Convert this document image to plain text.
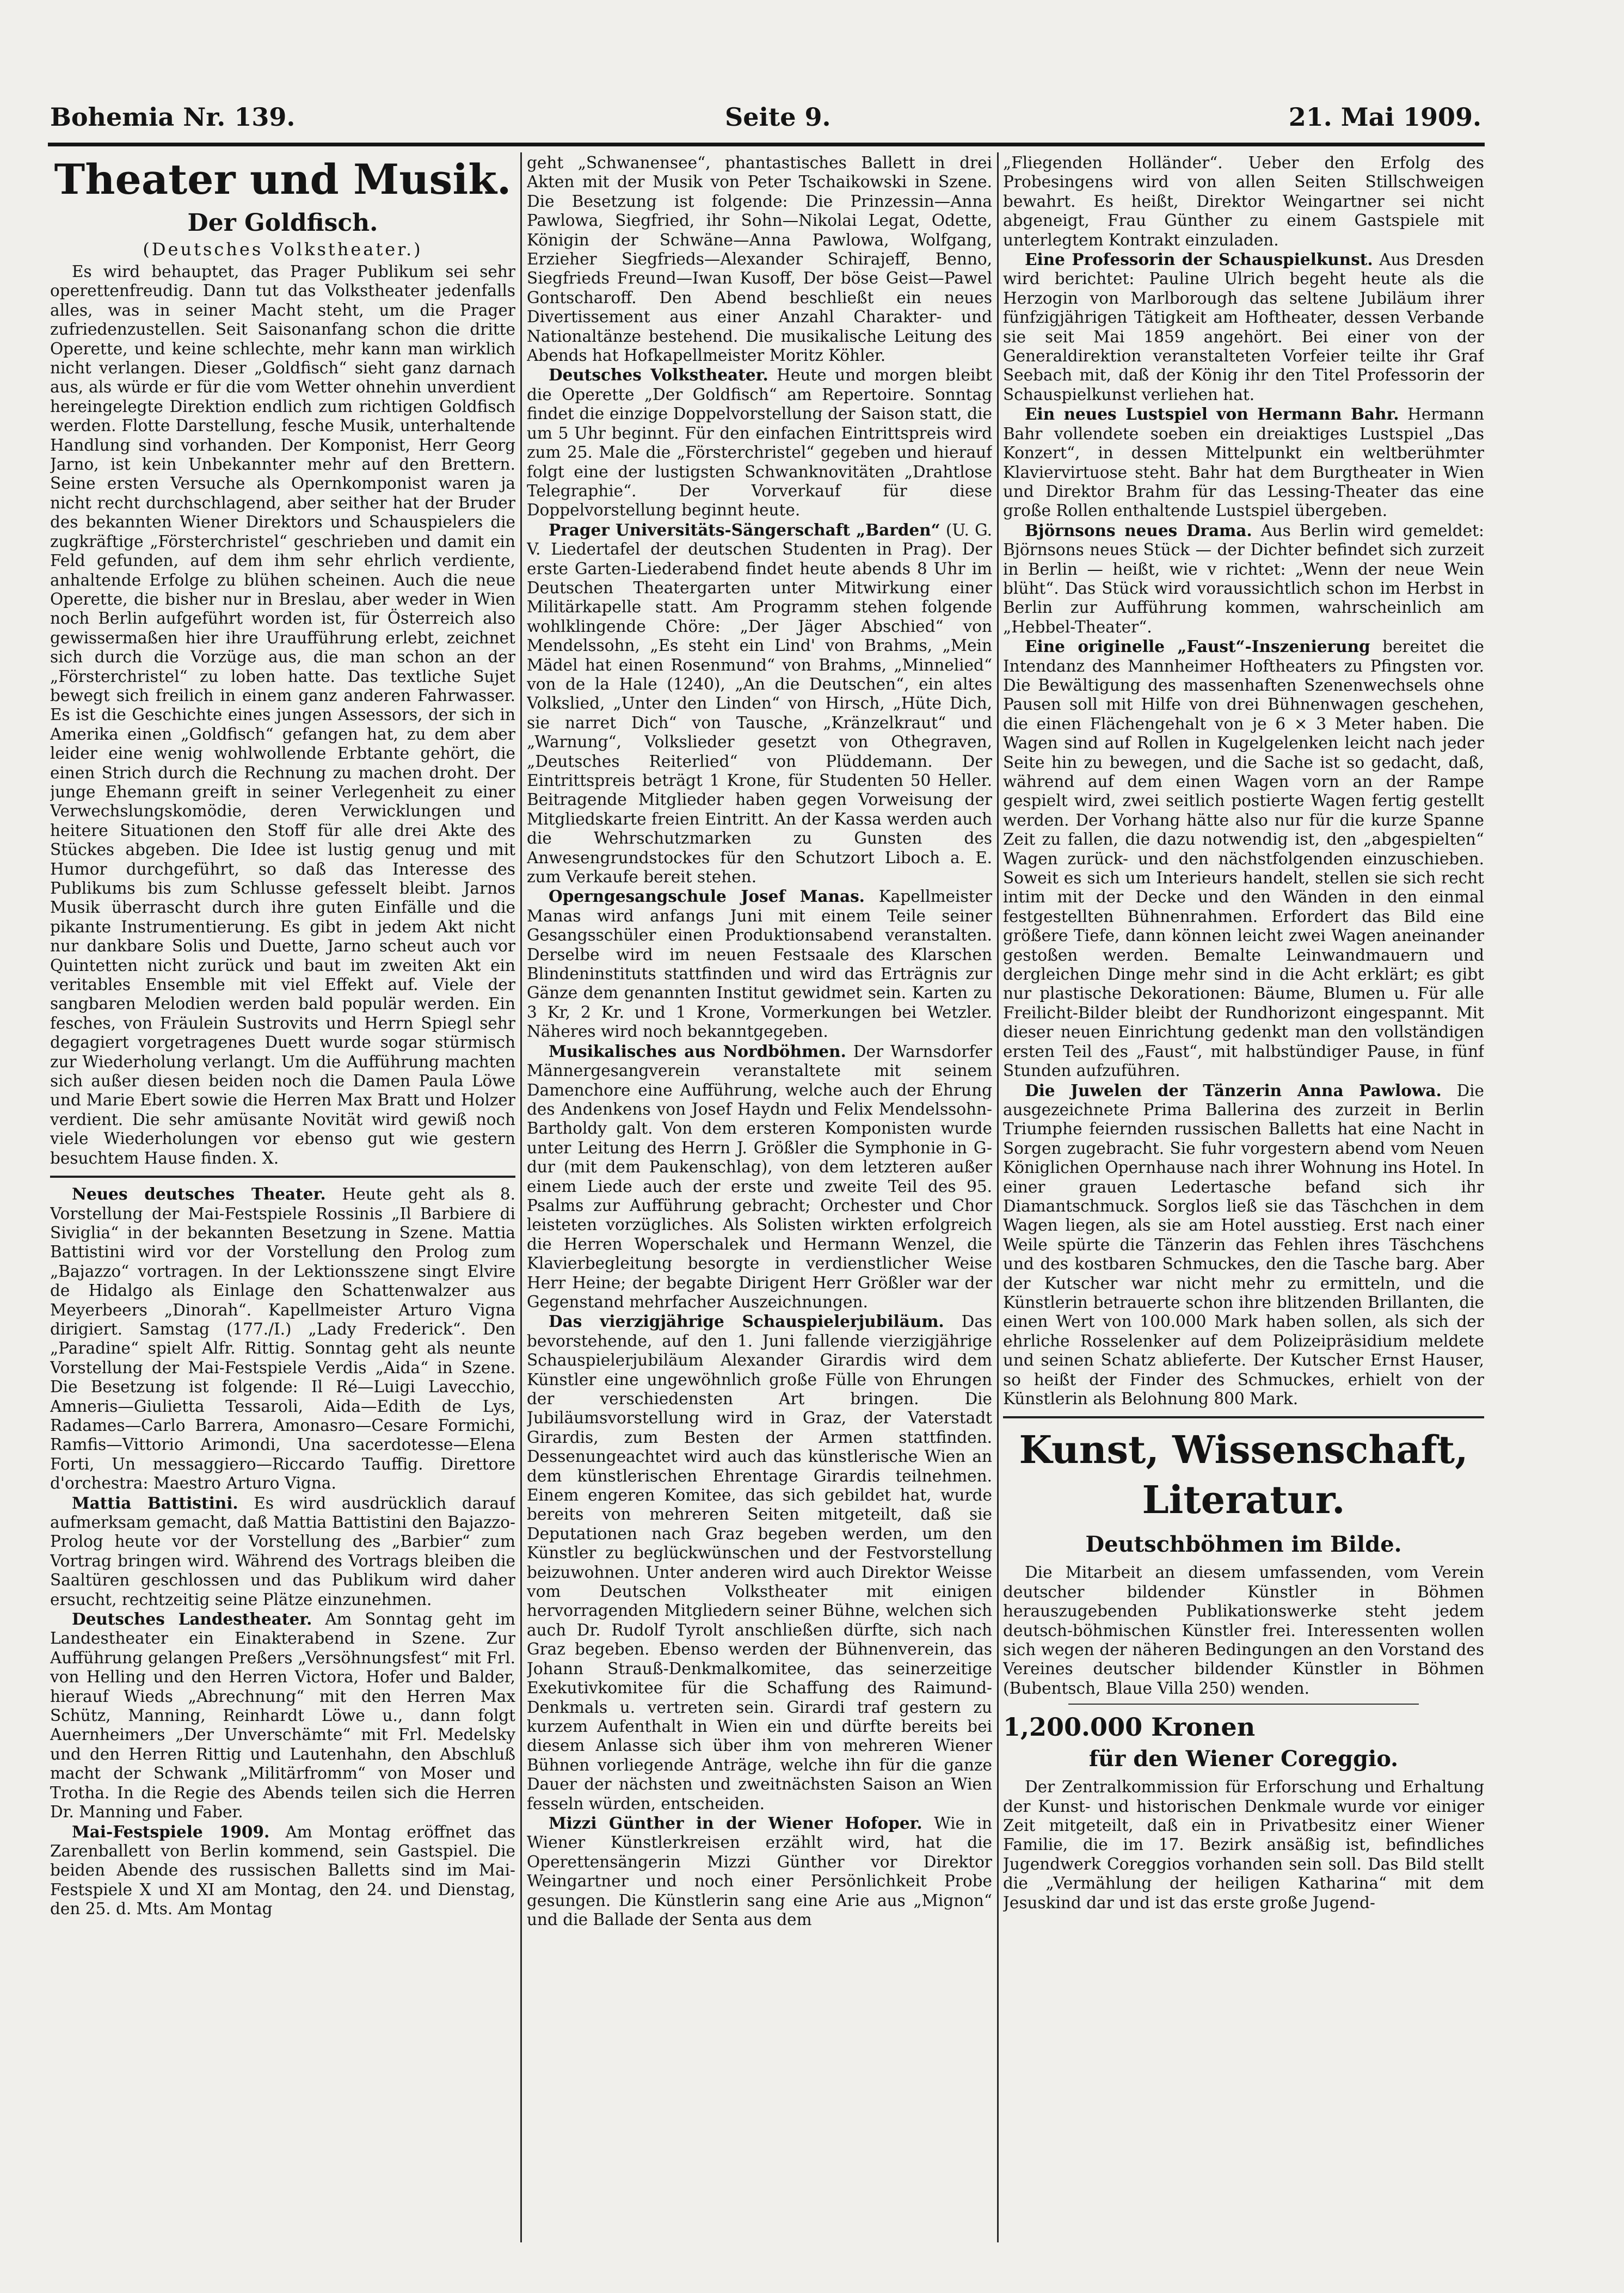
Bohemia Nr. 139.	Seite 9.	21. Mai 1909.
Theater und Musik.
Der Goldfisch.
(Deutsches Volkstheater.)

Es wird behauptet, das Prager Publikum sei sehr operettenfreudig. Dann tut das Volkstheater jedenfalls alles, was in seiner Macht steht, um die Prager zufriedenzustellen. Seit Saisonanfang schon die dritte Operette, und keine schlechte, mehr kann man wirklich nicht verlangen. Dieser „Goldfisch“ sieht ganz darnach aus, als würde er für die vom Wetter ohnehin unverdient hereingelegte Direktion endlich zum richtigen Goldfisch werden. Flotte Darstellung, fesche Musik, unterhaltende Handlung sind vorhanden. Der Komponist, Herr Georg Jarno, ist kein Unbekannter mehr auf den Brettern. Seine ersten Versuche als Opernkomponist waren ja nicht recht durchschlagend, aber seither hat der Bruder des bekannten Wiener Direktors und Schauspielers die zugkräftige „Försterchristel“ geschrieben und damit ein Feld gefunden, auf dem ihm sehr ehrlich verdiente, anhaltende Erfolge zu blühen scheinen. Auch die neue Operette, die bisher nur in Breslau, aber weder in Wien noch Berlin aufgeführt worden ist, für Österreich also gewissermaßen hier ihre Uraufführung erlebt, zeichnet sich durch die Vorzüge aus, die man schon an der „Försterchristel“ zu loben hatte. Das textliche Sujet bewegt sich freilich in einem ganz anderen Fahrwasser. Es ist die Geschichte eines jungen Assessors, der sich in Amerika einen „Goldfisch“ gefangen hat, zu dem aber leider eine wenig wohlwollende Erbtante gehört, die einen Strich durch die Rechnung zu machen droht. Der junge Ehemann greift in seiner Verlegenheit zu einer Verwechslungskomödie, deren Verwicklungen und heitere Situationen den Stoff für alle drei Akte des Stückes abgeben. Die Idee ist lustig genug und mit Humor durchgeführt, so daß das Interesse des Publikums bis zum Schlusse gefesselt bleibt. Jarnos Musik überrascht durch ihre guten Einfälle und die pikante Instrumentierung. Es gibt in jedem Akt nicht nur dankbare Solis und Duette, Jarno scheut auch vor Quintetten nicht zurück und baut im zweiten Akt ein veritables Ensemble mit viel Effekt auf. Viele der sangbaren Melodien werden bald populär werden. Ein fesches, von Fräulein Sustrovits und Herrn Spiegl sehr degagiert vorgetragenes Duett wurde sogar stürmisch zur Wiederholung verlangt. Um die Aufführung machten sich außer diesen beiden noch die Damen Paula Löwe und Marie Ebert sowie die Herren Max Bratt und Holzer verdient. Die sehr amüsante Novität wird gewiß noch viele Wiederholungen vor ebenso gut wie gestern besuchtem Hause finden. X.

Neues deutsches Theater. Heute geht als 8. Vorstellung der Mai-Festspiele Rossinis „Il Barbiere di Siviglia“ in der bekannten Besetzung in Szene. Mattia Battistini wird vor der Vorstellung den Prolog zum „Bajazzo“ vortragen. In der Lektionsszene singt Elvire de Hidalgo als Einlage den Schattenwalzer aus Meyerbeers „Dinorah“. Kapellmeister Arturo Vigna dirigiert. Samstag (177./I.) „Lady Frederick“. Den „Paradine“ spielt Alfr. Rittig. Sonntag geht als neunte Vorstellung der Mai-Festspiele Verdis „Aida“ in Szene. Die Besetzung ist folgende: Il Ré—Luigi Lavecchio, Amneris—Giulietta Tessaroli, Aida—Edith de Lys, Radames—Carlo Barrera, Amonasro—Cesare Formichi, Ramfis—Vittorio Arimondi, Una sacerdotesse—Elena Forti, Un messaggiero—Riccardo Tauffig. Direttore d'orchestra: Maestro Arturo Vigna.

Mattia Battistini. Es wird ausdrücklich darauf aufmerksam gemacht, daß Mattia Battistini den Bajazzo-Prolog heute vor der Vorstellung des „Barbier“ zum Vortrag bringen wird. Während des Vortrags bleiben die Saaltüren geschlossen und das Publikum wird daher ersucht, rechtzeitig seine Plätze einzunehmen.

Deutsches Landestheater. Am Sonntag geht im Landestheater ein Einakterabend in Szene. Zur Aufführung gelangen Preßers „Versöhnungsfest“ mit Frl. von Helling und den Herren Victora, Hofer und Balder, hierauf Wieds „Abrechnung“ mit den Herren Max Schütz, Manning, Reinhardt Löwe u., dann folgt Auernheimers „Der Unverschämte“ mit Frl. Medelsky und den Herren Rittig und Lautenhahn, den Abschluß macht der Schwank „Militärfromm“ von Moser und Trotha. In die Regie des Abends teilen sich die Herren Dr. Manning und Faber.

Mai-Festspiele 1909. Am Montag eröffnet das Zarenballett von Berlin kommend, sein Gastspiel. Die beiden Abende des russischen Balletts sind im Mai-Festspiele X und XI am Montag, den 24. und Dienstag, den 25. d. Mts. Am Montag

geht „Schwanensee“, phantastisches Ballett in drei Akten mit der Musik von Peter Tschaikowski in Szene. Die Besetzung ist folgende: Die Prinzessin—Anna Pawlowa, Siegfried, ihr Sohn—Nikolai Legat, Odette, Königin der Schwäne—Anna Pawlowa, Wolfgang, Erzieher Siegfrieds—Alexander Schirajeff, Benno, Siegfrieds Freund—Iwan Kusoff, Der böse Geist—Pawel Gontscharoff. Den Abend beschließt ein neues Divertissement aus einer Anzahl Charakter- und Nationaltänze bestehend. Die musikalische Leitung des Abends hat Hofkapellmeister Moritz Köhler.

Deutsches Volkstheater. Heute und morgen bleibt die Operette „Der Goldfisch“ am Repertoire. Sonntag findet die einzige Doppelvorstellung der Saison statt, die um 5 Uhr beginnt. Für den einfachen Eintrittspreis wird zum 25. Male die „Försterchristel“ gegeben und hierauf folgt eine der lustigsten Schwanknovitäten „Drahtlose Telegraphie“. Der Vorverkauf für diese Doppelvorstellung beginnt heute.

Prager Universitäts-Sängerschaft „Barden“ (U. G. V. Liedertafel der deutschen Studenten in Prag). Der erste Garten-Liederabend findet heute abends 8 Uhr im Deutschen Theatergarten unter Mitwirkung einer Militärkapelle statt. Am Programm stehen folgende wohlklingende Chöre: „Der Jäger Abschied“ von Mendelssohn, „Es steht ein Lind' von Brahms, „Mein Mädel hat einen Rosenmund“ von Brahms, „Minnelied“ von de la Hale (1240), „An die Deutschen“, ein altes Volkslied, „Unter den Linden“ von Hirsch, „Hüte Dich, sie narret Dich“ von Tausche, „Kränzelkraut“ und „Warnung“, Volkslieder gesetzt von Othegraven, „Deutsches Reiterlied“ von Plüddemann. Der Eintrittspreis beträgt 1 Krone, für Studenten 50 Heller. Beitragende Mitglieder haben gegen Vorweisung der Mitgliedskarte freien Eintritt. An der Kassa werden auch die Wehrschutzmarken zu Gunsten des Anwesengrundstockes für den Schutzort Liboch a. E. zum Verkaufe bereit stehen.

Operngesangschule Josef Manas. Kapellmeister Manas wird anfangs Juni mit einem Teile seiner Gesangsschüler einen Produktionsabend veranstalten. Derselbe wird im neuen Festsaale des Klarschen Blindeninstituts stattfinden und wird das Erträgnis zur Gänze dem genannten Institut gewidmet sein. Karten zu 3 Kr, 2 Kr. und 1 Krone, Vormerkungen bei Wetzler. Näheres wird noch bekanntgegeben.

Musikalisches aus Nordböhmen. Der Warnsdorfer Männergesangverein veranstaltete mit seinem Damenchore eine Aufführung, welche auch der Ehrung des Andenkens von Josef Haydn und Felix Mendelssohn-Bartholdy galt. Von dem ersteren Komponisten wurde unter Leitung des Herrn J. Größler die Symphonie in G-dur (mit dem Paukenschlag), von dem letzteren außer einem Liede auch der erste und zweite Teil des 95. Psalms zur Aufführung gebracht; Orchester und Chor leisteten vorzügliches. Als Solisten wirkten erfolgreich die Herren Woperschalek und Hermann Wenzel, die Klavierbegleitung besorgte in verdienstlicher Weise Herr Heine; der begabte Dirigent Herr Größler war der Gegenstand mehrfacher Auszeichnungen.

Das vierzigjährige Schauspielerjubiläum. Das bevorstehende, auf den 1. Juni fallende vierzigjährige Schauspielerjubiläum Alexander Girardis wird dem Künstler eine ungewöhnlich große Fülle von Ehrungen der verschiedensten Art bringen. Die Jubiläumsvorstellung wird in Graz, der Vaterstadt Girardis, zum Besten der Armen stattfinden. Dessenungeachtet wird auch das künstlerische Wien an dem künstlerischen Ehrentage Girardis teilnehmen. Einem engeren Komitee, das sich gebildet hat, wurde bereits von mehreren Seiten mitgeteilt, daß sie Deputationen nach Graz begeben werden, um den Künstler zu beglückwünschen und der Festvorstellung beizuwohnen. Unter anderen wird auch Direktor Weisse vom Deutschen Volkstheater mit einigen hervorragenden Mitgliedern seiner Bühne, welchen sich auch Dr. Rudolf Tyrolt anschließen dürfte, sich nach Graz begeben. Ebenso werden der Bühnenverein, das Johann Strauß-Denkmalkomitee, das seinerzeitige Exekutivkomitee für die Schaffung des Raimund-Denkmals u. vertreten sein. Girardi traf gestern zu kurzem Aufenthalt in Wien ein und dürfte bereits bei diesem Anlasse sich über ihm von mehreren Wiener Bühnen vorliegende Anträge, welche ihn für die ganze Dauer der nächsten und zweitnächsten Saison an Wien fesseln würden, entscheiden.

Mizzi Günther in der Wiener Hofoper. Wie in Wiener Künstlerkreisen erzählt wird, hat die Operettensängerin Mizzi Günther vor Direktor Weingartner und noch einer Persönlichkeit Probe gesungen. Die Künstlerin sang eine Arie aus „Mignon“ und die Ballade der Senta aus dem

„Fliegenden Holländer“. Ueber den Erfolg des Probesingens wird von allen Seiten Stillschweigen bewahrt. Es heißt, Direktor Weingartner sei nicht abgeneigt, Frau Günther zu einem Gastspiele mit unterlegtem Kontrakt einzuladen.

Eine Professorin der Schauspielkunst. Aus Dresden wird berichtet: Pauline Ulrich begeht heute als die Herzogin von Marlborough das seltene Jubiläum ihrer fünfzigjährigen Tätigkeit am Hoftheater, dessen Verbande sie seit Mai 1859 angehört. Bei einer von der Generaldirektion veranstalteten Vorfeier teilte ihr Graf Seebach mit, daß der König ihr den Titel Professorin der Schauspielkunst verliehen hat.

Ein neues Lustspiel von Hermann Bahr. Hermann Bahr vollendete soeben ein dreiaktiges Lustspiel „Das Konzert“, in dessen Mittelpunkt ein weltberühmter Klaviervirtuose steht. Bahr hat dem Burgtheater in Wien und Direktor Brahm für das Lessing-Theater das eine große Rollen enthaltende Lustspiel übergeben.

Björnsons neues Drama. Aus Berlin wird gemeldet: Björnsons neues Stück — der Dichter befindet sich zurzeit in Berlin — heißt, wie v richtet: „Wenn der neue Wein blüht“. Das Stück wird voraussichtlich schon im Herbst in Berlin zur Aufführung kommen, wahrscheinlich am „Hebbel-Theater“.

Eine originelle „Faust“-Inszenierung bereitet die Intendanz des Mannheimer Hoftheaters zu Pfingsten vor. Die Bewältigung des massenhaften Szenenwechsels ohne Pausen soll mit Hilfe von drei Bühnenwagen geschehen, die einen Flächengehalt von je 6 × 3 Meter haben. Die Wagen sind auf Rollen in Kugelgelenken leicht nach jeder Seite hin zu bewegen, und die Sache ist so gedacht, daß, während auf dem einen Wagen vorn an der Rampe gespielt wird, zwei seitlich postierte Wagen fertig gestellt werden. Der Vorhang hätte also nur für die kurze Spanne Zeit zu fallen, die dazu notwendig ist, den „abgespielten“ Wagen zurück- und den nächstfolgenden einzuschieben. Soweit es sich um Interieurs handelt, stellen sie sich recht intim mit der Decke und den Wänden in den einmal festgestellten Bühnenrahmen. Erfordert das Bild eine größere Tiefe, dann können leicht zwei Wagen aneinander gestoßen werden. Bemalte Leinwandmauern und dergleichen Dinge mehr sind in die Acht erklärt; es gibt nur plastische Dekorationen: Bäume, Blumen u. Für alle Freilicht-Bilder bleibt der Rundhorizont eingespannt. Mit dieser neuen Einrichtung gedenkt man den vollständigen ersten Teil des „Faust“, mit halbstündiger Pause, in fünf Stunden aufzuführen.

Die Juwelen der Tänzerin Anna Pawlowa. Die ausgezeichnete Prima Ballerina des zurzeit in Berlin Triumphe feiernden russischen Balletts hat eine Nacht in Sorgen zugebracht. Sie fuhr vorgestern abend vom Neuen Königlichen Opernhause nach ihrer Wohnung ins Hotel. In einer grauen Ledertasche befand sich ihr Diamantschmuck. Sorglos ließ sie das Täschchen in dem Wagen liegen, als sie am Hotel ausstieg. Erst nach einer Weile spürte die Tänzerin das Fehlen ihres Täschchens und des kostbaren Schmuckes, den die Tasche barg. Aber der Kutscher war nicht mehr zu ermitteln, und die Künstlerin betrauerte schon ihre blitzenden Brillanten, die einen Wert von 100.000 Mark haben sollen, als sich der ehrliche Rosselenker auf dem Polizeipräsidium meldete und seinen Schatz ablieferte. Der Kutscher Ernst Hauser, so heißt der Finder des Schmuckes, erhielt von der Künstlerin als Belohnung 800 Mark.

Kunst, Wissenschaft, Literatur.
Deutschböhmen im Bilde.

Die Mitarbeit an diesem umfassenden, vom Verein deutscher bildender Künstler in Böhmen herauszugebenden Publikationswerke steht jedem deutsch-böhmischen Künstler frei. Interessenten wollen sich wegen der näheren Bedingungen an den Vorstand des Vereines deutscher bildender Künstler in Böhmen (Bubentsch, Blaue Villa 250) wenden.

1,200.000 Kronen
für den Wiener Coreggio.

Der Zentralkommission für Erforschung und Erhaltung der Kunst- und historischen Denkmale wurde vor einiger Zeit mitgeteilt, daß ein in Privatbesitz einer Wiener Familie, die im 17. Bezirk ansäßig ist, befindliches Jugendwerk Coreggios vorhanden sein soll. Das Bild stellt die „Vermählung der heiligen Katharina“ mit dem Jesuskind dar und ist das erste große Jugend-
